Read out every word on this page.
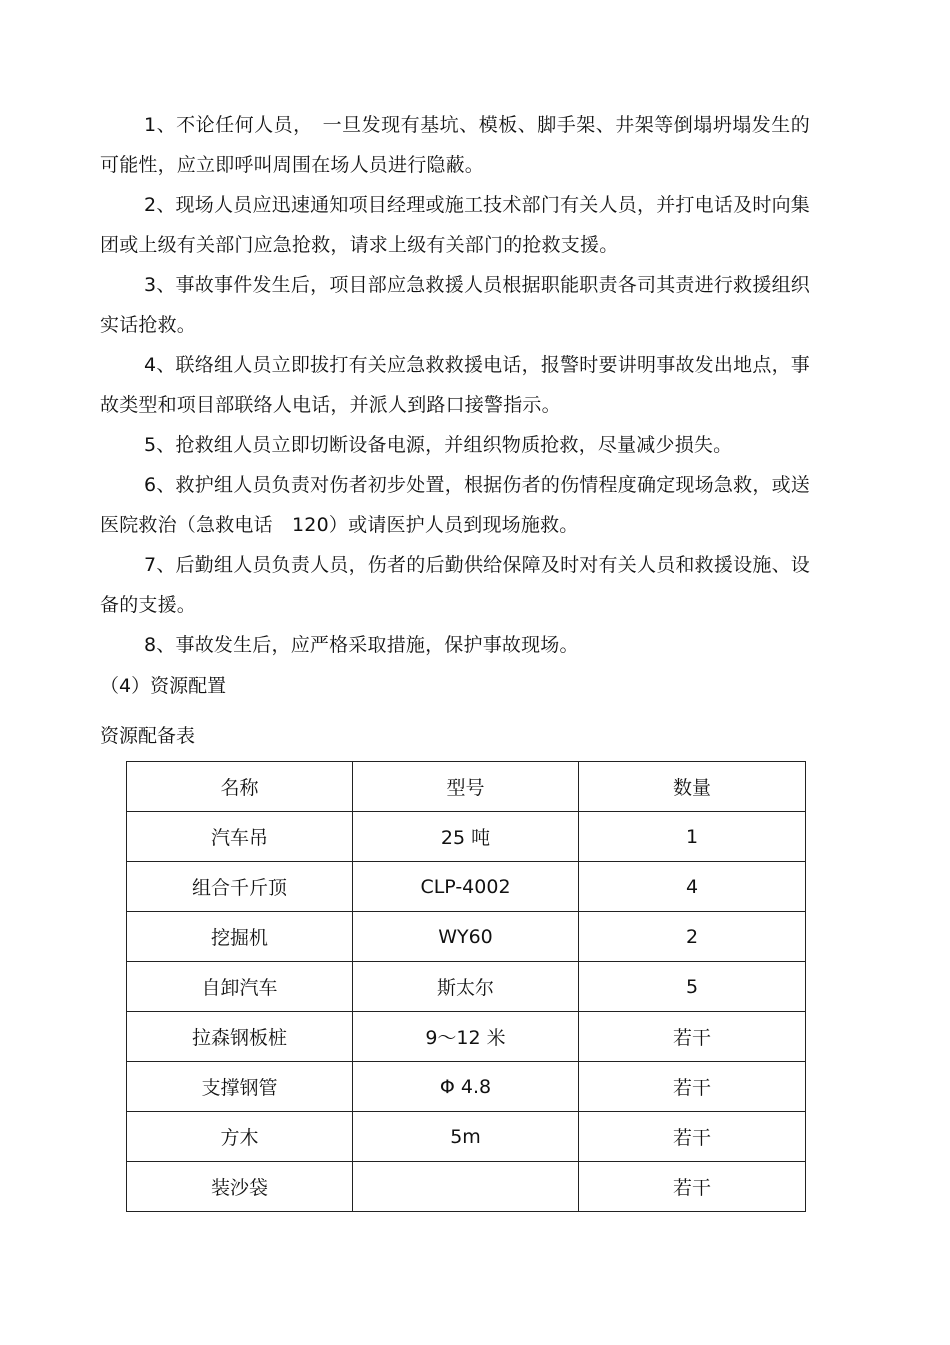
1、不论任何人员，　一旦发现有基坑、模板、脚手架、井架等倒塌坍塌发生的可能性，应立即呼叫周围在场人员进行隐蔽。

2、现场人员应迅速通知项目经理或施工技术部门有关人员，并打电话及时向集团或上级有关部门应急抢救，请求上级有关部门的抢救支援。

3、事故事件发生后，项目部应急救援人员根据职能职责各司其责进行救援组织实话抢救。

4、联络组人员立即拔打有关应急救救援电话，报警时要讲明事故发出地点，事故类型和项目部联络人电话，并派人到路口接警指示。

5、抢救组人员立即切断设备电源，并组织物质抢救，尽量减少损失。

6、救护组人员负责对伤者初步处置，根据伤者的伤情程度确定现场急救，或送医院救治（急救电话　120）或请医护人员到现场施救。

7、后勤组人员负责人员，伤者的后勤供给保障及时对有关人员和救援设施、设备的支援。

8、事故发生后，应严格采取措施，保护事故现场。

（4）资源配置

资源配备表

名称	型号	数量
汽车吊	25 吨	1
组合千斤顶	CLP-4002	4
挖掘机	WY60	2
自卸汽车	斯太尔	5
拉森钢板桩	9～12 米	若干
支撑钢管	Φ 4.8	若干
方木	5m	若干
装沙袋		若干
